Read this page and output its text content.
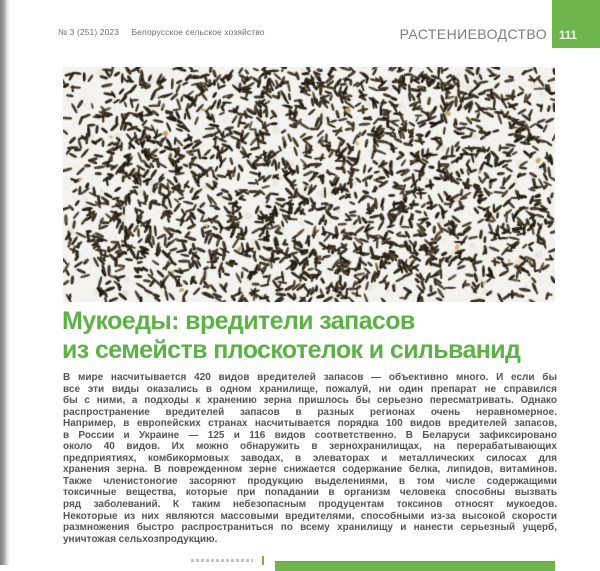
№ 3 (251) 2023 Белорусское сельское хозяйство	РАСТЕНИЕВОДСТВО 111
Мукоеды: вредители запасов
из семейств плоскотелок и сильванид
В мире насчитывается 420 видов вредителей запасов — объективно много. И если бы
все эти виды оказались в одном хранилище, пожалуй, ни один препарат не справился
бы с ними, а подходы к хранению зерна пришлось бы серьезно пересматривать. Однако
распространение вредителей запасов в разных регионах очень неравномерное.
Например, в европейских странах насчитывается порядка 100 видов вредителей запасов,
в России и Украине — 125 и 116 видов соответственно. В Беларуси зафиксировано
около 40 видов. Их можно обнаружить в зернохранилищах, на перерабатывающих
предприятиях, комбикормовых заводах, в элеваторах и металлических силосах для
хранения зерна. В поврежденном зерне снижается содержание белка, липидов, витаминов.
Также членистоногие засоряют продукцию выделениями, в том числе содержащими
токсичные вещества, которые при попадании в организм человека способны вызвать
ряд заболеваний. К таким небезопасным продуцентам токсинов относят мукоедов.
Некоторые из них являются массовыми вредителями, способными из-за высокой скорости
размножения быстро распространиться по всему хранилищу и нанести серьезный ущерб,
уничтожая сельхозпродукцию.
